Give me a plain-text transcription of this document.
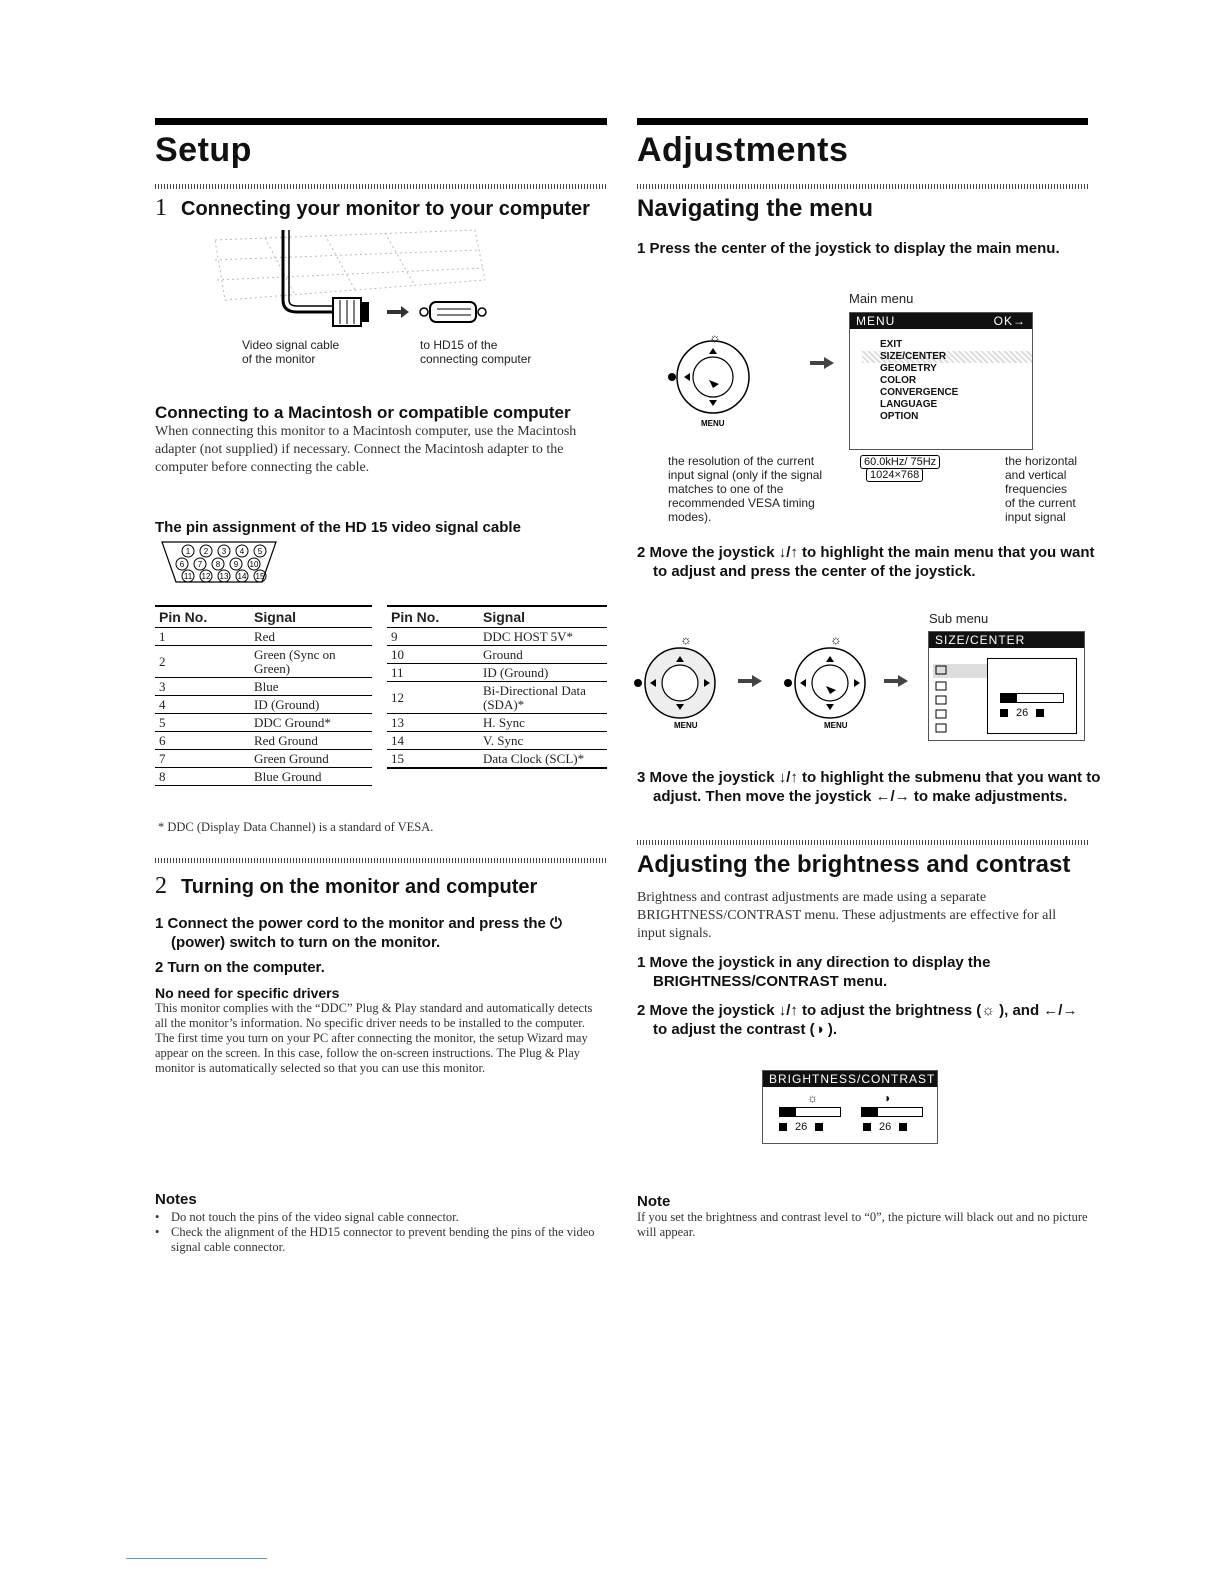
Setup
1 Connecting your monitor to your computer
Video signal cable
of the monitor
to HD15 of the
connecting computer
Connecting to a Macintosh or compatible computer

When connecting this monitor to a Macintosh computer, use the Macintosh adapter (not supplied) if necessary. Connect the Macintosh adapter to the computer before connecting the cable.

The pin assignment of the HD 15 video signal cable
1 2 3 4 5
6 7 8 9 10
11 12 13 14 15
Pin No.	Signal
1	Red
2	Green (Sync on Green)
3	Blue
4	ID (Ground)
5	DDC Ground*
6	Red Ground
7	Green Ground
8	Blue Ground
Pin No.	Signal
9	DDC HOST 5V*
10	Ground
11	ID (Ground)
12	Bi-Directional Data (SDA)*
13	H. Sync
14	V. Sync
15	Data Clock (SCL)*
* DDC (Display Data Channel) is a standard of VESA.
2 Turning on the monitor and computer

1 Connect the power cord to the monitor and press the ⏻ (power) switch to turn on the monitor.

2 Turn on the computer.

No need for specific drivers

This monitor complies with the “DDC” Plug & Play standard and automatically detects all the monitor’s information. No specific driver needs to be installed to the computer.

The first time you turn on your PC after connecting the monitor, the setup Wizard may appear on the screen. In this case, follow the on-screen instructions. The Plug & Play monitor is automatically selected so that you can use this monitor.

Notes
• Do not touch the pins of the video signal cable connector.
• Check the alignment of the HD15 connector to prevent bending the pins of the video signal cable connector.
Adjustments
Navigating the menu

1 Press the center of the joystick to display the main menu.

Main menu
☼
MENU
MENU	OK→
EXIT
SIZE/CENTER
GEOMETRY
COLOR
CONVERGENCE
LANGUAGE
OPTION
60.0kHz/ 75Hz
1024×768
the resolution of the current
input signal (only if the signal
matches to one of the
recommended VESA timing
modes).
the horizontal
and vertical
frequencies
of the current
input signal

2 Move the joystick ↓/↑ to highlight the main menu that you want to adjust and press the center of the joystick.

Sub menu
☼
MENU
☼
MENU
SIZE/CENTER
26

3 Move the joystick ↓/↑ to highlight the submenu that you want to adjust. Then move the joystick ←/→ to make adjustments.

Adjusting the brightness and contrast

Brightness and contrast adjustments are made using a separate BRIGHTNESS/CONTRAST menu. These adjustments are effective for all input signals.

1 Move the joystick in any direction to display the BRIGHTNESS/CONTRAST menu.

2 Move the joystick ↓/↑ to adjust the brightness (☼ ), and ←/→ to adjust the contrast (◑ ).

BRIGHTNESS/CONTRAST
☼	◑
26	26
Note

If you set the brightness and contrast level to “0”, the picture will black out and no picture will appear.
